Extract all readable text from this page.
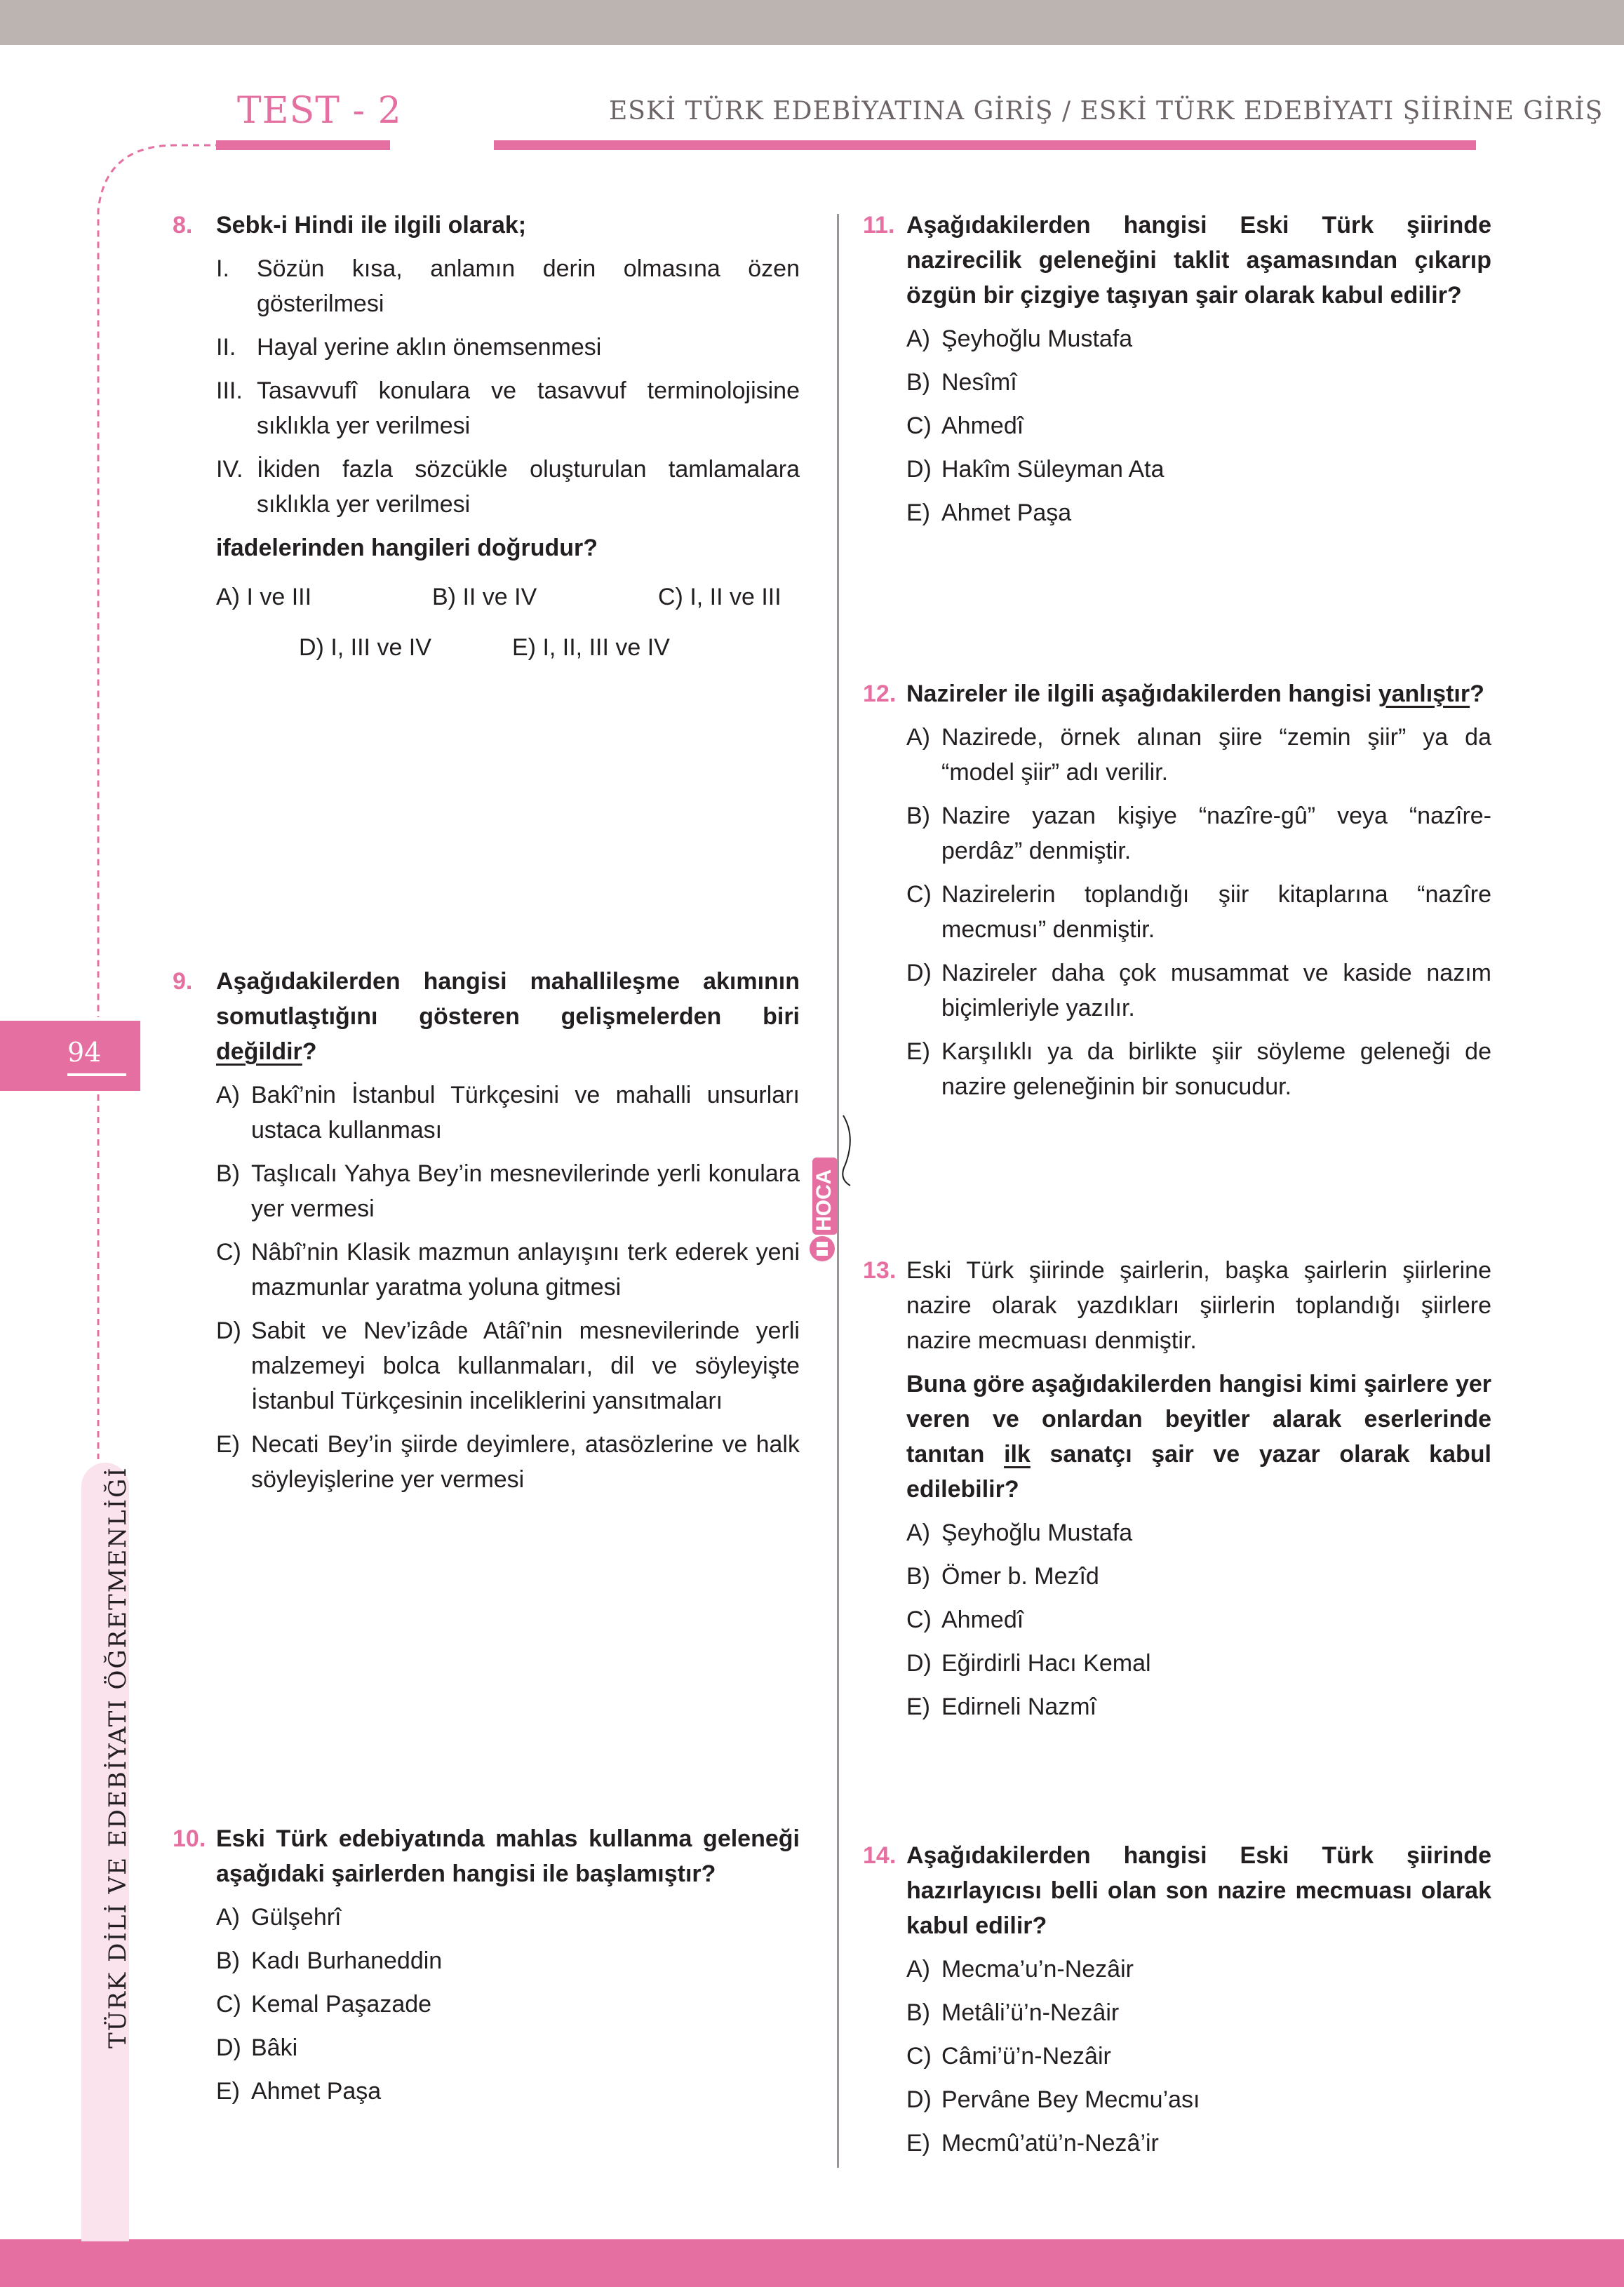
TEST - 2	ESKİ TÜRK EDEBİYATINA GİRİŞ / ESKİ TÜRK EDEBİYATI ŞİİRİNE GİRİŞ
94
TÜRK DİLİ VE EDEBİYATI ÖĞRETMENLİĞİ
HOCA
8. Sebk-i Hindi ile ilgili olarak;
I. Sözün kısa, anlamın derin olmasına özen gösterilmesi
II. Hayal yerine aklın önemsenmesi
III. Tasavvufî konulara ve tasavvuf terminolojisine sıklıkla yer verilmesi
IV. İkiden fazla sözcükle oluşturulan tamlamalara sıklıkla yer verilmesi
ifadelerinden hangileri doğrudur?
A) I ve III	B) II ve IV	C) I, II ve III
D) I, III ve IV	E) I, II, III ve IV
9. Aşağıdakilerden hangisi mahallileşme akımının somutlaştığını gösteren gelişmelerden biri değildir?
A) Bakî’nin İstanbul Türkçesini ve mahalli unsurları ustaca kullanması
B) Taşlıcalı Yahya Bey’in mesnevilerinde yerli konulara yer vermesi
C) Nâbî’nin Klasik mazmun anlayışını terk ederek yeni mazmunlar yaratma yoluna gitmesi
D) Sabit ve Nev’izâde Atâî’nin mesnevilerinde yerli malzemeyi bolca kullanmaları, dil ve söyleyişte İstanbul Türkçesinin inceliklerini yansıtmaları
E) Necati Bey’in şiirde deyimlere, atasözlerine ve halk söyleyişlerine yer vermesi
10. Eski Türk edebiyatında mahlas kullanma geleneği aşağıdaki şairlerden hangisi ile başlamıştır?
A) Gülşehrî
B) Kadı Burhaneddin
C) Kemal Paşazade
D) Bâki
E) Ahmet Paşa
11. Aşağıdakilerden hangisi Eski Türk şiirinde nazirecilik geleneğini taklit aşamasından çıkarıp özgün bir çizgiye taşıyan şair olarak kabul edilir?
A) Şeyhoğlu Mustafa
B) Nesîmî
C) Ahmedî
D) Hakîm Süleyman Ata
E) Ahmet Paşa
12. Nazireler ile ilgili aşağıdakilerden hangisi yanlıştır?
A) Nazirede, örnek alınan şiire “zemin şiir” ya da “model şiir” adı verilir.
B) Nazire yazan kişiye “nazîre-gû” veya “nazîre-perdâz” denmiştir.
C) Nazirelerin toplandığı şiir kitaplarına “nazîre mecmusı” denmiştir.
D) Nazireler daha çok musammat ve kaside nazım biçimleriyle yazılır.
E) Karşılıklı ya da birlikte şiir söyleme geleneği de nazire geleneğinin bir sonucudur.
13. Eski Türk şiirinde şairlerin, başka şairlerin şiirlerine nazire olarak yazdıkları şiirlerin toplandığı şiirlere nazire mecmuası denmiştir.
Buna göre aşağıdakilerden hangisi kimi şairlere yer veren ve onlardan beyitler alarak eserlerinde tanıtan ilk sanatçı şair ve yazar olarak kabul edilebilir?
A) Şeyhoğlu Mustafa
B) Ömer b. Mezîd
C) Ahmedî
D) Eğirdirli Hacı Kemal
E) Edirneli Nazmî
14. Aşağıdakilerden hangisi Eski Türk şiirinde hazırlayıcısı belli olan son nazire mecmuası olarak kabul edilir?
A) Mecma’u’n-Nezâir
B) Metâli’ü’n-Nezâir
C) Câmi’ü’n-Nezâir
D) Pervâne Bey Mecmu’ası
E) Mecmû’atü’n-Nezâ’ir
